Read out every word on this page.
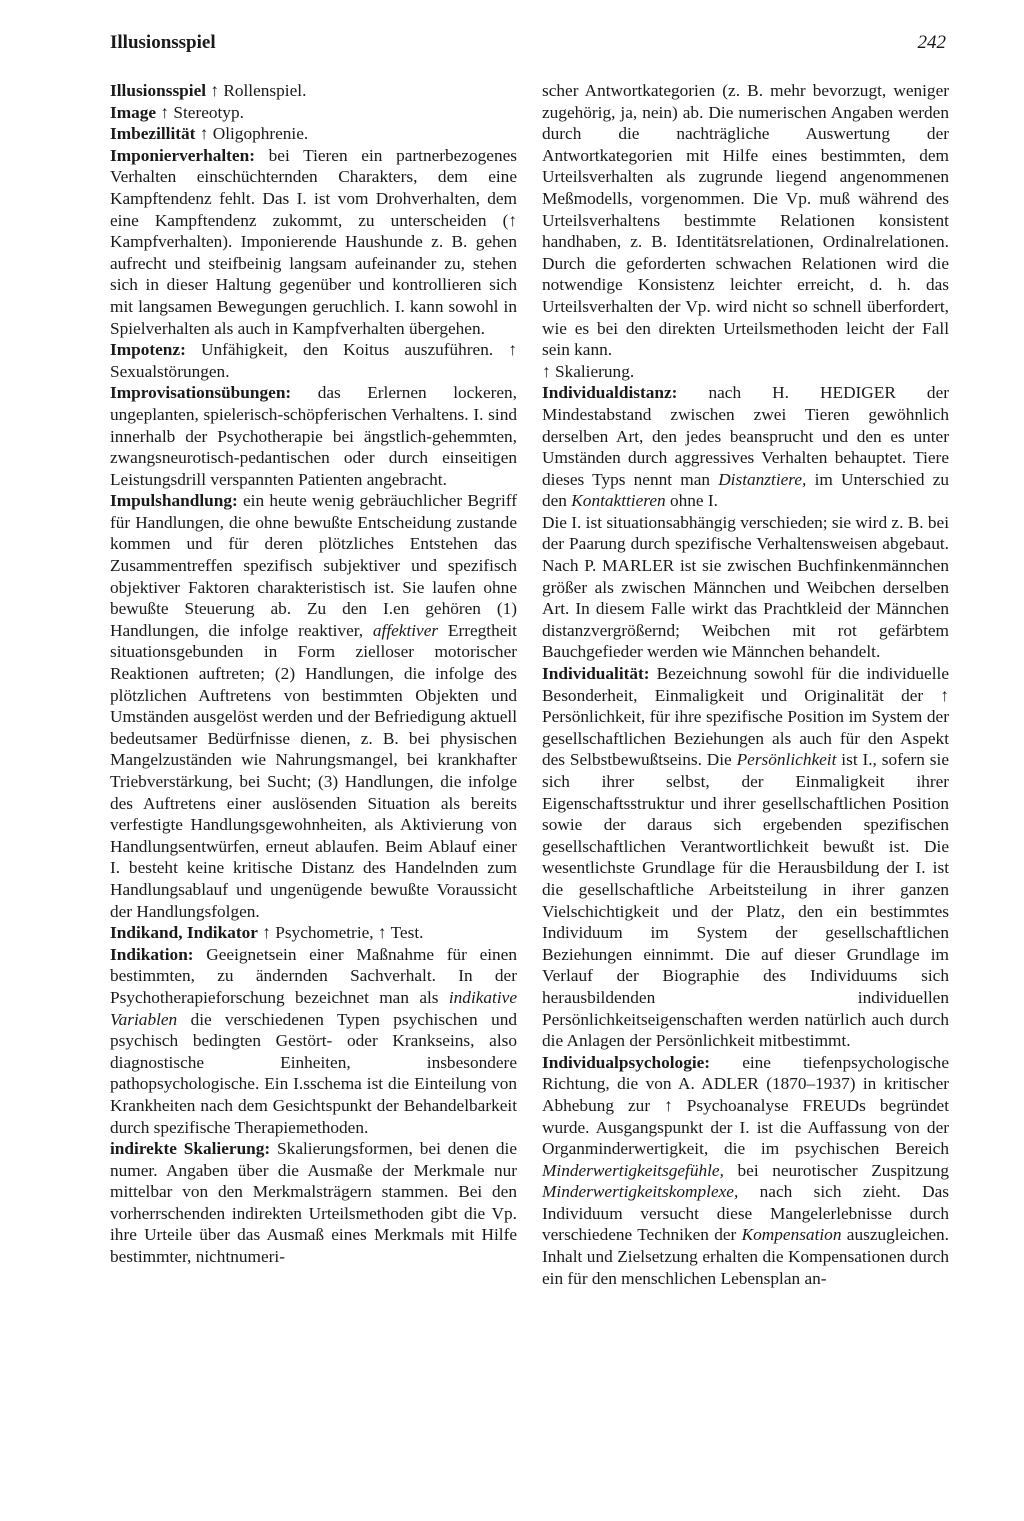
Illusionsspiel	242

Illusionsspiel ↑ Rollenspiel.

Image ↑ Stereotyp.

Imbezillität ↑ Oligophrenie.

Imponierverhalten: bei Tieren ein partnerbezogenes Verhalten einschüchternden Charakters, dem eine Kampftendenz fehlt. Das I. ist vom Drohverhalten, dem eine Kampftendenz zukommt, zu unterscheiden (↑ Kampfverhalten). Imponierende Haushunde z. B. gehen aufrecht und steifbeinig langsam aufeinander zu, stehen sich in dieser Haltung gegenüber und kontrollieren sich mit langsamen Bewegungen geruchlich. I. kann sowohl in Spielverhalten als auch in Kampfverhalten übergehen.

Impotenz: Unfähigkeit, den Koitus auszuführen. ↑ Sexualstörungen.

Improvisationsübungen: das Erlernen lockeren, ungeplanten, spielerisch-schöpferischen Verhaltens. I. sind innerhalb der Psychotherapie bei ängstlich-gehemmten, zwangsneurotisch-pedantischen oder durch einseitigen Leistungsdrill verspannten Patienten angebracht.

Impulshandlung: ein heute wenig gebräuchlicher Begriff für Handlungen, die ohne bewußte Entscheidung zustande kommen und für deren plötzliches Entstehen das Zusammentreffen spezifisch subjektiver und spezifisch objektiver Faktoren charakteristisch ist. Sie laufen ohne bewußte Steuerung ab. Zu den I.en gehören (1) Handlungen, die infolge reaktiver, affektiver Erregtheit situationsgebunden in Form zielloser motorischer Reaktionen auftreten; (2) Handlungen, die infolge des plötzlichen Auftretens von bestimmten Objekten und Umständen ausgelöst werden und der Befriedigung aktuell bedeutsamer Bedürfnisse dienen, z. B. bei physischen Mangelzuständen wie Nahrungsmangel, bei krankhafter Triebverstärkung, bei Sucht; (3) Handlungen, die infolge des Auftretens einer auslösenden Situation als bereits verfestigte Handlungsgewohnheiten, als Aktivierung von Handlungsentwürfen, erneut ablaufen. Beim Ablauf einer I. besteht keine kritische Distanz des Handelnden zum Handlungsablauf und ungenügende bewußte Voraussicht der Handlungsfolgen.

Indikand, Indikator ↑ Psychometrie, ↑ Test.

Indikation: Geeignetsein einer Maßnahme für einen bestimmten, zu ändernden Sachverhalt. In der Psychotherapieforschung bezeichnet man als indikative Variablen die verschiedenen Typen psychischen und psychisch bedingten Gestört- oder Krankseins, also diagnostische Einheiten, insbesondere pathopsychologische. Ein I.sschema ist die Einteilung von Krankheiten nach dem Gesichtspunkt der Behandelbarkeit durch spezifische Therapiemethoden.

indirekte Skalierung: Skalierungsformen, bei denen die numer. Angaben über die Ausmaße der Merkmale nur mittelbar von den Merkmalsträgern stammen. Bei den vorherrschenden indirekten Urteilsmethoden gibt die Vp. ihre Urteile über das Ausmaß eines Merkmals mit Hilfe bestimmter, nichtnumeri-

scher Antwortkategorien (z. B. mehr bevorzugt, weniger zugehörig, ja, nein) ab. Die numerischen Angaben werden durch die nachträgliche Auswertung der Antwortkategorien mit Hilfe eines bestimmten, dem Urteilsverhalten als zugrunde liegend angenommenen Meßmodells, vorgenommen. Die Vp. muß während des Urteilsverhaltens bestimmte Relationen konsistent handhaben, z. B. Identitätsrelationen, Ordinalrelationen. Durch die geforderten schwachen Relationen wird die notwendige Konsistenz leichter erreicht, d. h. das Urteilsverhalten der Vp. wird nicht so schnell überfordert, wie es bei den direkten Urteilsmethoden leicht der Fall sein kann.

↑ Skalierung.

Individualdistanz: nach H. HEDIGER der Mindestabstand zwischen zwei Tieren gewöhnlich derselben Art, den jedes beansprucht und den es unter Umständen durch aggressives Verhalten behauptet. Tiere dieses Typs nennt man Distanztiere, im Unterschied zu den Kontakttieren ohne I.

Die I. ist situationsabhängig verschieden; sie wird z. B. bei der Paarung durch spezifische Verhaltensweisen abgebaut. Nach P. MARLER ist sie zwischen Buchfinkenmännchen größer als zwischen Männchen und Weibchen derselben Art. In diesem Falle wirkt das Prachtkleid der Männchen distanzvergrößernd; Weibchen mit rot gefärbtem Bauchgefieder werden wie Männchen behandelt.

Individualität: Bezeichnung sowohl für die individuelle Besonderheit, Einmaligkeit und Originalität der ↑ Persönlichkeit, für ihre spezifische Position im System der gesellschaftlichen Beziehungen als auch für den Aspekt des Selbstbewußtseins. Die Persönlichkeit ist I., sofern sie sich ihrer selbst, der Einmaligkeit ihrer Eigenschaftsstruktur und ihrer gesellschaftlichen Position sowie der daraus sich ergebenden spezifischen gesellschaftlichen Verantwortlichkeit bewußt ist. Die wesentlichste Grundlage für die Herausbildung der I. ist die gesellschaftliche Arbeitsteilung in ihrer ganzen Vielschichtigkeit und der Platz, den ein bestimmtes Individuum im System der gesellschaftlichen Beziehungen einnimmt. Die auf dieser Grundlage im Verlauf der Biographie des Individuums sich herausbildenden individuellen Persönlichkeitseigenschaften werden natürlich auch durch die Anlagen der Persönlichkeit mitbestimmt.

Individualpsychologie: eine tiefenpsychologische Richtung, die von A. ADLER (1870–1937) in kritischer Abhebung zur ↑ Psychoanalyse FREUDs begründet wurde. Ausgangspunkt der I. ist die Auffassung von der Organminderwertigkeit, die im psychischen Bereich Minderwertigkeitsgefühle, bei neurotischer Zuspitzung Minderwertigkeitskomplexe, nach sich zieht. Das Individuum versucht diese Mangelerlebnisse durch verschiedene Techniken der Kompensation auszugleichen. Inhalt und Zielsetzung erhalten die Kompensationen durch ein für den menschlichen Lebensplan an-
